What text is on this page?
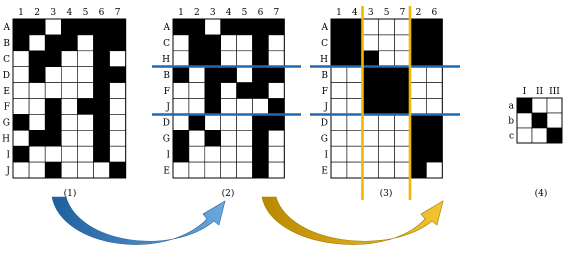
1 2 3 4 5 6 7
A
B
C
D
E
F
G
H
I
J
(1)
1 2 3 4 5 6 7
A
C
H
B
F
J
D
G
I
E
(2)
1 4 3 5 7 2 6
A
C
H
B
F
J
D
G
I
E
(3)
I II III
a
b
c
(4)
